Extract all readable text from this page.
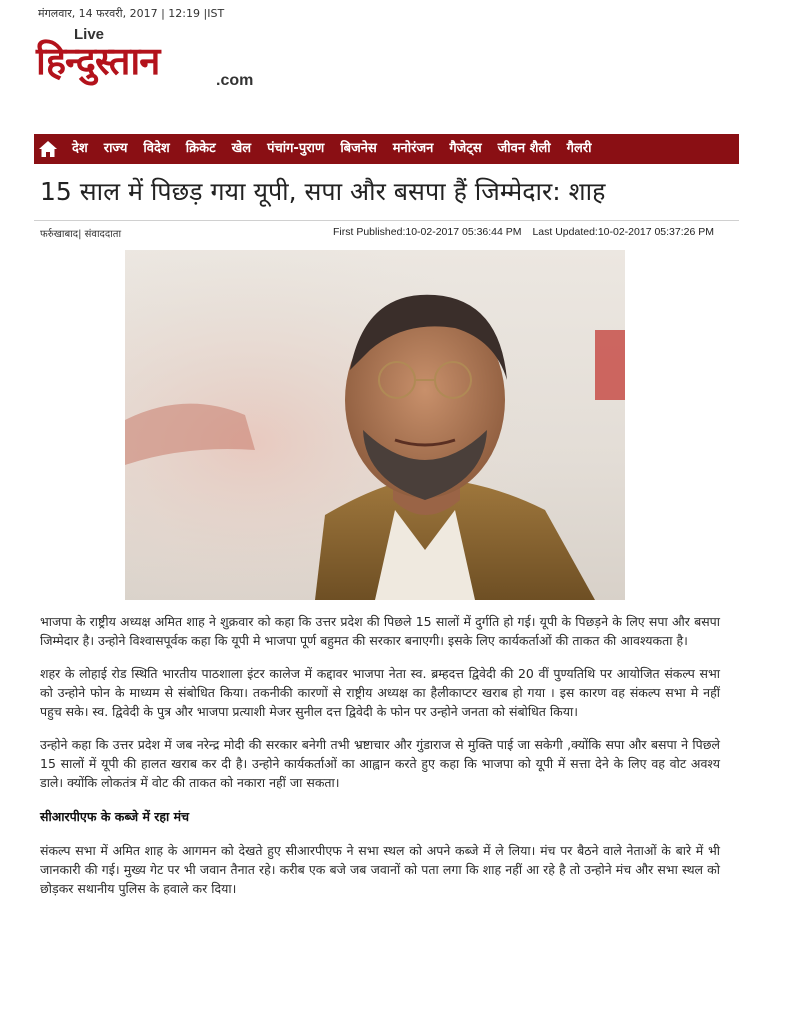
मंगलवार, 14 फरवरी, 2017 | 12:19 |IST
Live
हिन्दुस्तान	.com
देश	राज्य	विदेश	क्रिकेट	खेल	पंचांग-पुराण	बिजनेस	मनोरंजन	गैजेट्स	जीवन शैली	गैलरी
15 साल में पिछड़ गया यूपी, सपा और बसपा हैं जिम्मेदार: शाह
फर्रुखाबाद| संवाददाता	First Published:10-02-2017 05:36:44 PM Last Updated:10-02-2017 05:37:26 PM

भाजपा के राष्ट्रीय अध्यक्ष अमित शाह ने शुक्रवार को कहा कि उत्तर प्रदेश की पिछले 15 सालों में दुर्गति हो गई। यूपी के पिछड़ने के लिए सपा और बसपा जिम्मेदार है। उन्होने विश्वासपूर्वक कहा कि यूपी मे भाजपा पूर्ण बहुमत की सरकार बनाएगी। इसके लिए कार्यकर्ताओं की ताकत की आवश्यकता है।

शहर के लोहाई रोड स्थिति भारतीय पाठशाला इंटर कालेज में कद्दावर भाजपा नेता स्व. ब्रम्हदत्त द्विवेदी की 20 वीं पुण्यतिथि पर आयोजित संकल्प सभा को उन्होने फोन के माध्यम से संबोधित किया। तकनीकी कारणों से राष्ट्रीय अध्यक्ष का हैलीकाप्टर खराब हो गया । इस कारण वह संकल्प सभा मे नहीं पहुच सके। स्व. द्विवेदी के पुत्र और भाजपा प्रत्याशी मेजर सुनील दत्त द्विवेदी के फोन पर उन्होने जनता को संबोधित किया।

उन्होने कहा कि उत्तर प्रदेश में जब नरेन्द्र मोदी की सरकार बनेगी तभी भ्रष्टाचार और गुंडाराज से मुक्ति पाई जा सकेगी ,क्योंकि सपा और बसपा ने पिछले 15 सालों में यूपी की हालत खराब कर दी है। उन्होने कार्यकर्ताओं का आह्वान करते हुए कहा कि भाजपा को यूपी में सत्ता देने के लिए वह वोट अवश्य डाले। क्योंकि लोकतंत्र में वोट की ताकत को नकारा नहीं जा सकता।

सीआरपीएफ के कब्जे में रहा मंच

संकल्प सभा में अमित शाह के आगमन को देखते हुए सीआरपीएफ ने सभा स्थल को अपने कब्जे में ले लिया। मंच पर बैठने वाले नेताओं के बारे में भी जानकारी की गई। मुख्य गेट पर भी जवान तैनात रहे। करीब एक बजे जब जवानों को पता लगा कि शाह नहीं आ रहे है तो उन्होने मंच और सभा स्थल को छोड़कर सथानीय पुलिस के हवाले कर दिया।
